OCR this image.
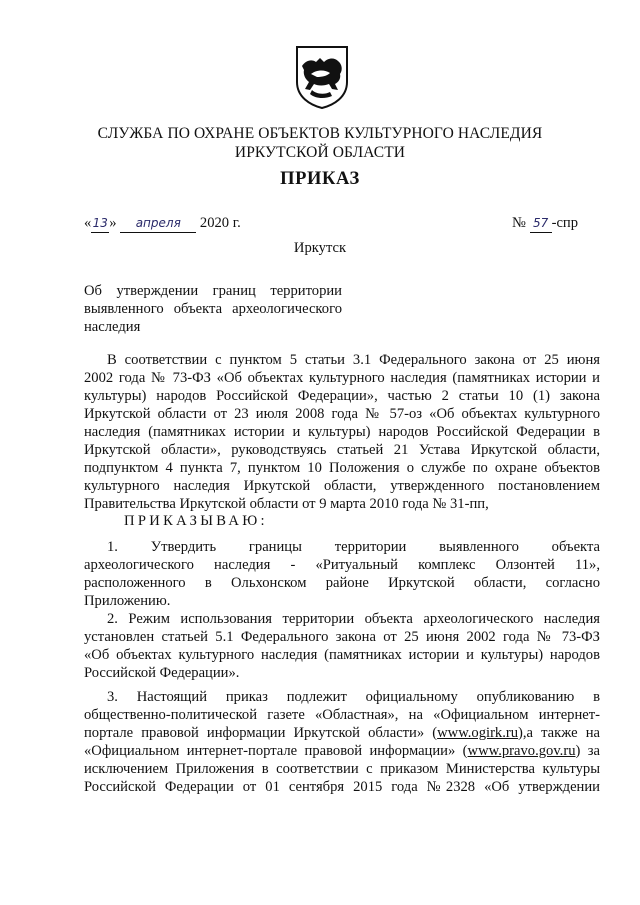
СЛУЖБА ПО ОХРАНЕ ОБЪЕКТОВ КУЛЬТУРНОГО НАСЛЕДИЯ
ИРКУТСКОЙ ОБЛАСТИ
ПРИКАЗ
«13» апреля 2020 г.	№ 57 -спр
Иркутск
Об утверждении границ территории
выявленного объекта археологического
наследия
В соответствии с пунктом 5 статьи 3.1 Федерального закона от 25 июня
2002 года № 73-ФЗ «Об объектах культурного наследия (памятниках истории и
культуры) народов Российской Федерации», частью 2 статьи 10 (1) закона
Иркутской области от 23 июля 2008 года № 57-оз «Об объектах культурного
наследия (памятниках истории и культуры) народов Российской Федерации в
Иркутской области», руководствуясь статьей 21 Устава Иркутской области,
подпунктом 4 пункта 7, пунктом 10 Положения о службе по охране объектов
культурного наследия Иркутской области, утвержденного постановлением
Правительства Иркутской области от 9 марта 2010 года № 31-пп,
ПРИКАЗЫВАЮ:
1. Утвердить границы территории выявленного объекта
археологического наследия - «Ритуальный комплекс Олзонтей 11»,
расположенного в Ольхонском районе Иркутской области, согласно
Приложению.
2. Режим использования территории объекта археологического наследия
установлен статьей 5.1 Федерального закона от 25 июня 2002 года № 73-ФЗ
«Об объектах культурного наследия (памятниках истории и культуры) народов
Российской Федерации».
3. Настоящий приказ подлежит официальному опубликованию в
общественно-политической газете «Областная», на «Официальном интернет-
портале правовой информации Иркутской области» (www.ogirk.ru),а также на
«Официальном интернет-портале правовой информации» (www.pravo.gov.ru) за
исключением Приложения в соответствии с приказом Министерства культуры
Российской Федерации от 01 сентября 2015 года №2328 «Об утверждении
